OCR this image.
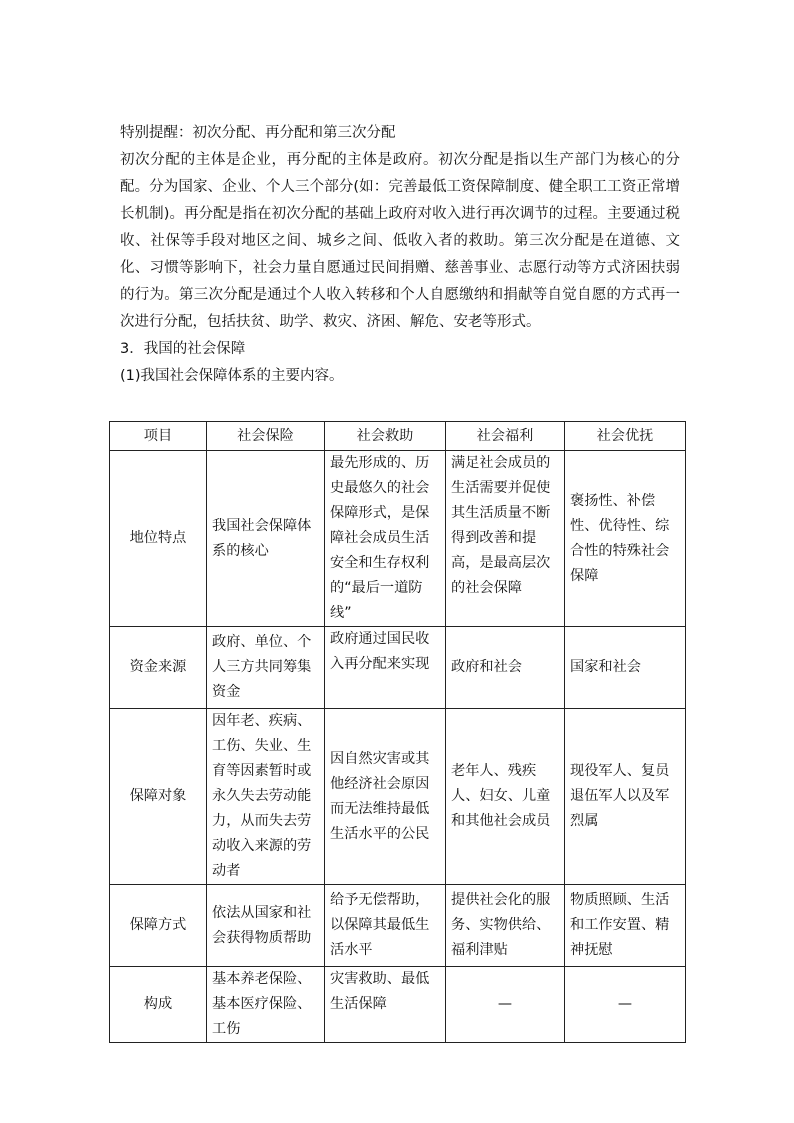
特别提醒：初次分配、再分配和第三次分配

初次分配的主体是企业，再分配的主体是政府。初次分配是指以生产部门为核心的分配。分为国家、企业、个人三个部分(如：完善最低工资保障制度、健全职工工资正常增长机制)。再分配是指在初次分配的基础上政府对收入进行再次调节的过程。主要通过税收、社保等手段对地区之间、城乡之间、低收入者的救助。第三次分配是在道德、文化、习惯等影响下，社会力量自愿通过民间捐赠、慈善事业、志愿行动等方式济困扶弱的行为。第三次分配是通过个人收入转移和个人自愿缴纳和捐献等自觉自愿的方式再一次进行分配，包括扶贫、助学、救灾、济困、解危、安老等形式。

3．我国的社会保障

(1)我国社会保障体系的主要内容。

项目	社会保险	社会救助	社会福利	社会优抚
地位特点	我国社会保障体系的核心	最先形成的、历史最悠久的社会保障形式，是保障社会成员生活安全和生存权利的“最后一道防线”	满足社会成员的生活需要并促使其生活质量不断得到改善和提高，是最高层次的社会保障	褒扬性、补偿性、优待性、综合性的特殊社会保障
资金来源	政府、单位、个人三方共同筹集资金	政府通过国民收入再分配来实现	政府和社会	国家和社会
保障对象	因年老、疾病、工伤、失业、生育等因素暂时或永久失去劳动能力，从而失去劳动收入来源的劳动者	因自然灾害或其他经济社会原因而无法维持最低生活水平的公民	老年人、残疾人、妇女、儿童和其他社会成员	现役军人、复员退伍军人以及军烈属
保障方式	依法从国家和社会获得物质帮助	给予无偿帮助，以保障其最低生活水平	提供社会化的服务、实物供给、福利津贴	物质照顾、生活和工作安置、精神抚慰
构成	基本养老保险、基本医疗保险、工伤	灾害救助、最低生活保障	—	—
